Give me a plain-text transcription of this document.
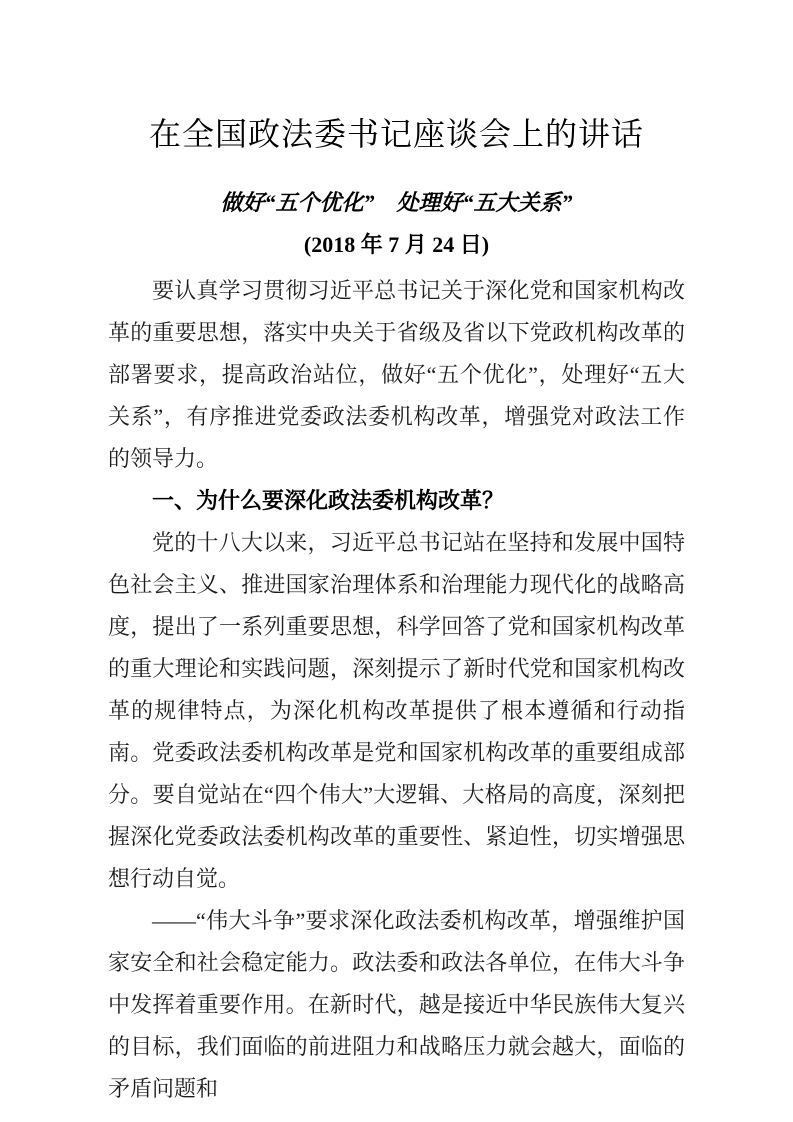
在全国政法委书记座谈会上的讲话
做好“五个优化”　处理好“五大关系”

(2018 年 7 月 24 日)

要认真学习贯彻习近平总书记关于深化党和国家机构改革的重要思想，落实中央关于省级及省以下党政机构改革的部署要求，提高政治站位，做好“五个优化”，处理好“五大关系”，有序推进党委政法委机构改革，增强党对政法工作的领导力。

一、为什么要深化政法委机构改革？

党的十八大以来，习近平总书记站在坚持和发展中国特色社会主义、推进国家治理体系和治理能力现代化的战略高度，提出了一系列重要思想，科学回答了党和国家机构改革的重大理论和实践问题，深刻提示了新时代党和国家机构改革的规律特点，为深化机构改革提供了根本遵循和行动指南。党委政法委机构改革是党和国家机构改革的重要组成部分。要自觉站在“四个伟大”大逻辑、大格局的高度，深刻把握深化党委政法委机构改革的重要性、紧迫性，切实增强思想行动自觉。

——“伟大斗争”要求深化政法委机构改革，增强维护国家安全和社会稳定能力。政法委和政法各单位，在伟大斗争中发挥着重要作用。在新时代，越是接近中华民族伟大复兴的目标，我们面临的前进阻力和战略压力就会越大，面临的矛盾问题和
